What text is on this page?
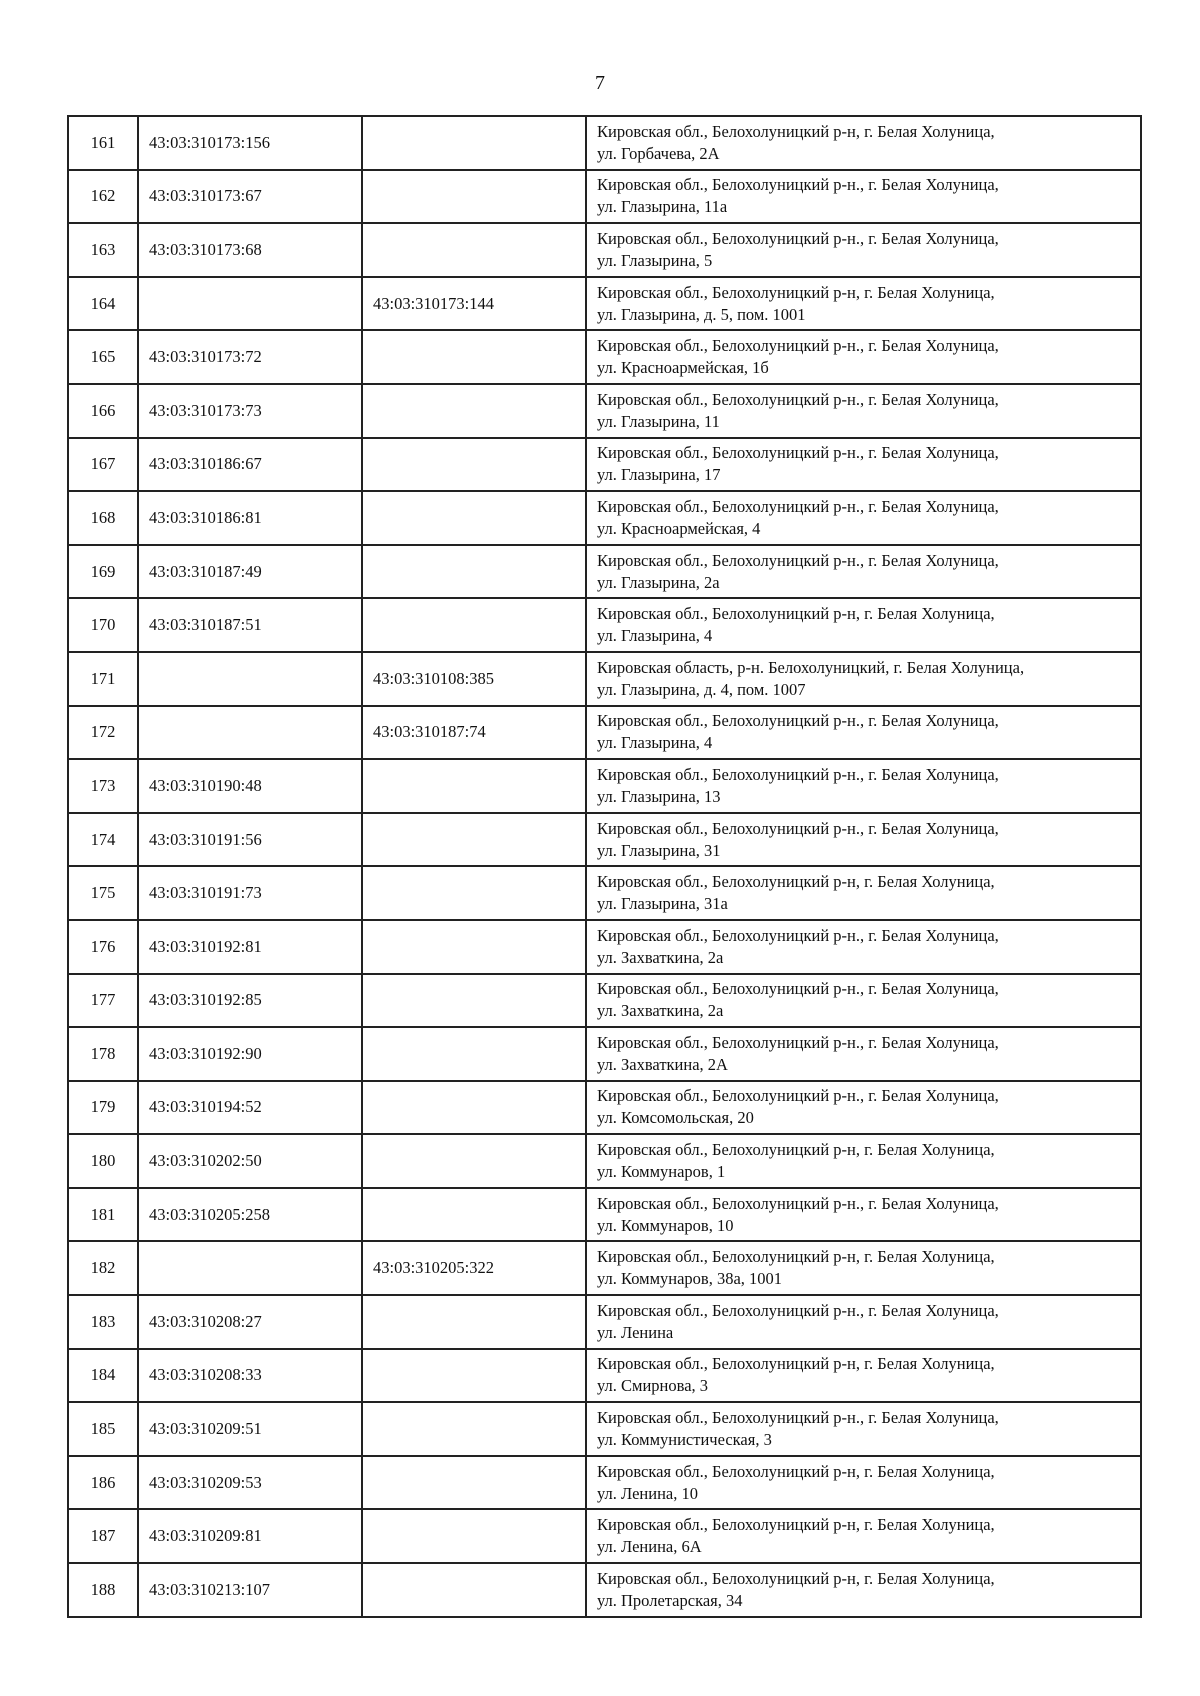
7
161	43:03:310173:156		Кировская обл., Белохолуницкий р-н, г. Белая Холуница,
ул. Горбачева, 2А

162	43:03:310173:67		Кировская обл., Белохолуницкий р-н., г. Белая Холуница,
ул. Глазырина, 11а

163	43:03:310173:68		Кировская обл., Белохолуницкий р-н., г. Белая Холуница,
ул. Глазырина, 5

164		43:03:310173:144	Кировская обл., Белохолуницкий р-н, г. Белая Холуница,
ул. Глазырина, д. 5, пом. 1001

165	43:03:310173:72		Кировская обл., Белохолуницкий р-н., г. Белая Холуница,
ул. Красноармейская, 1б

166	43:03:310173:73		Кировская обл., Белохолуницкий р-н., г. Белая Холуница,
ул. Глазырина, 11

167	43:03:310186:67		Кировская обл., Белохолуницкий р-н., г. Белая Холуница,
ул. Глазырина, 17

168	43:03:310186:81		Кировская обл., Белохолуницкий р-н., г. Белая Холуница,
ул. Красноармейская, 4

169	43:03:310187:49		Кировская обл., Белохолуницкий р-н., г. Белая Холуница,
ул. Глазырина, 2а

170	43:03:310187:51		Кировская обл., Белохолуницкий р-н, г. Белая Холуница,
ул. Глазырина, 4

171		43:03:310108:385	Кировская область, р-н. Белохолуницкий, г. Белая Холуница,
ул. Глазырина, д. 4, пом. 1007

172		43:03:310187:74	Кировская обл., Белохолуницкий р-н., г. Белая Холуница,
ул. Глазырина, 4

173	43:03:310190:48		Кировская обл., Белохолуницкий р-н., г. Белая Холуница,
ул. Глазырина, 13

174	43:03:310191:56		Кировская обл., Белохолуницкий р-н., г. Белая Холуница,
ул. Глазырина, 31

175	43:03:310191:73		Кировская обл., Белохолуницкий р-н, г. Белая Холуница,
ул. Глазырина, 31а

176	43:03:310192:81		Кировская обл., Белохолуницкий р-н., г. Белая Холуница,
ул. Захваткина, 2а

177	43:03:310192:85		Кировская обл., Белохолуницкий р-н., г. Белая Холуница,
ул. Захваткина, 2а

178	43:03:310192:90		Кировская обл., Белохолуницкий р-н., г. Белая Холуница,
ул. Захваткина, 2А

179	43:03:310194:52		Кировская обл., Белохолуницкий р-н., г. Белая Холуница,
ул. Комсомольская, 20

180	43:03:310202:50		Кировская обл., Белохолуницкий р-н, г. Белая Холуница,
ул. Коммунаров, 1

181	43:03:310205:258		Кировская обл., Белохолуницкий р-н., г. Белая Холуница,
ул. Коммунаров, 10

182		43:03:310205:322	Кировская обл., Белохолуницкий р-н, г. Белая Холуница,
ул. Коммунаров, 38а, 1001

183	43:03:310208:27		Кировская обл., Белохолуницкий р-н., г. Белая Холуница,
ул. Ленина

184	43:03:310208:33		Кировская обл., Белохолуницкий р-н, г. Белая Холуница,
ул. Смирнова, 3

185	43:03:310209:51		Кировская обл., Белохолуницкий р-н., г. Белая Холуница,
ул. Коммунистическая, 3

186	43:03:310209:53		Кировская обл., Белохолуницкий р-н, г. Белая Холуница,
ул. Ленина, 10

187	43:03:310209:81		Кировская обл., Белохолуницкий р-н, г. Белая Холуница,
ул. Ленина, 6А

188	43:03:310213:107		Кировская обл., Белохолуницкий р-н, г. Белая Холуница,
ул. Пролетарская, 34
